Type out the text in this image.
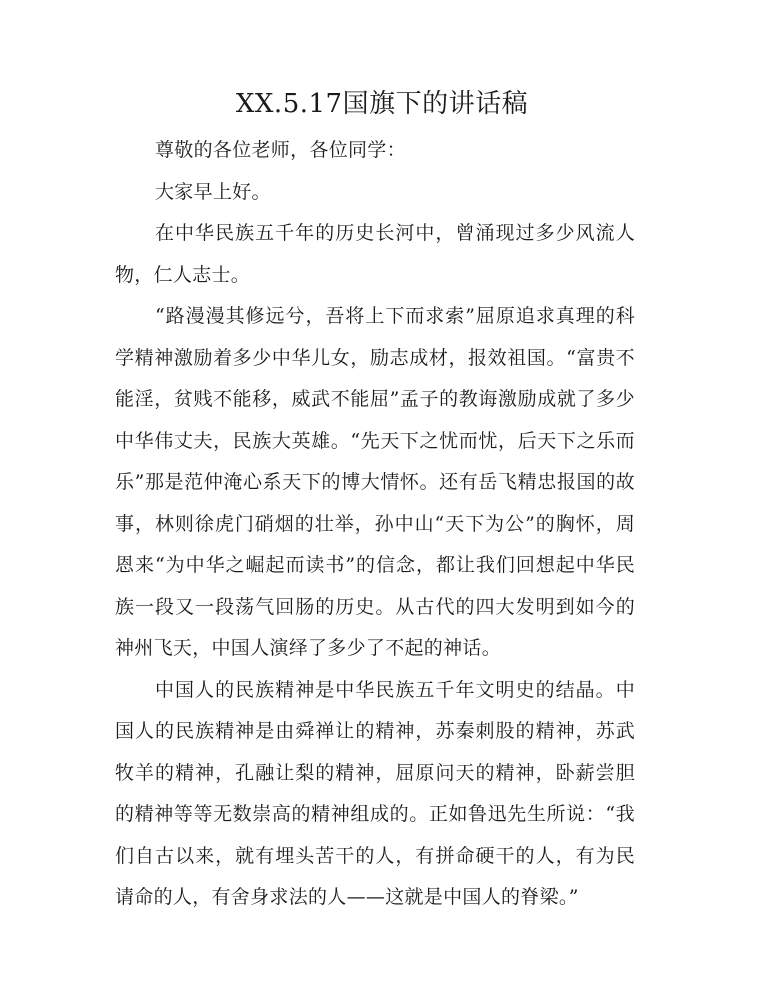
XX.5.17国旗下的讲话稿

尊敬的各位老师，各位同学：

大家早上好。

在中华民族五千年的历史长河中，曾涌现过多少风流人物，仁人志士。

“路漫漫其修远兮，吾将上下而求索”屈原追求真理的科学精神激励着多少中华儿女，励志成材，报效祖国。“富贵不能淫，贫贱不能移，威武不能屈”孟子的教诲激励成就了多少中华伟丈夫，民族大英雄。“先天下之忧而忧，后天下之乐而乐”那是范仲淹心系天下的博大情怀。还有岳飞精忠报国的故事，林则徐虎门硝烟的壮举，孙中山“天下为公”的胸怀，周恩来“为中华之崛起而读书”的信念，都让我们回想起中华民族一段又一段荡气回肠的历史。从古代的四大发明到如今的神州飞天，中国人演绎了多少了不起的神话。

中国人的民族精神是中华民族五千年文明史的结晶。中国人的民族精神是由舜禅让的精神，苏秦刺股的精神，苏武牧羊的精神，孔融让梨的精神，屈原问天的精神，卧薪尝胆的精神等等无数崇高的精神组成的。正如鲁迅先生所说：“我们自古以来，就有埋头苦干的人，有拼命硬干的人，有为民请命的人，有舍身求法的人——这就是中国人的脊梁。”
